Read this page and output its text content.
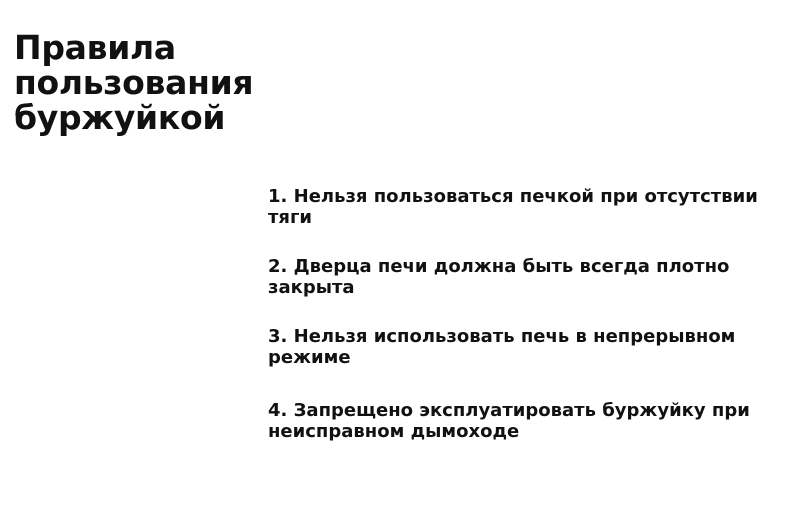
Правила пользования буржуйкой
1. Нельзя пользоваться печкой при отсутствии тяги
2. Дверца печи должна быть всегда плотно закрыта
3. Нельзя использовать печь в непрерывном режиме
4. Запрещено эксплуатировать буржуйку при неисправном дымоходе
